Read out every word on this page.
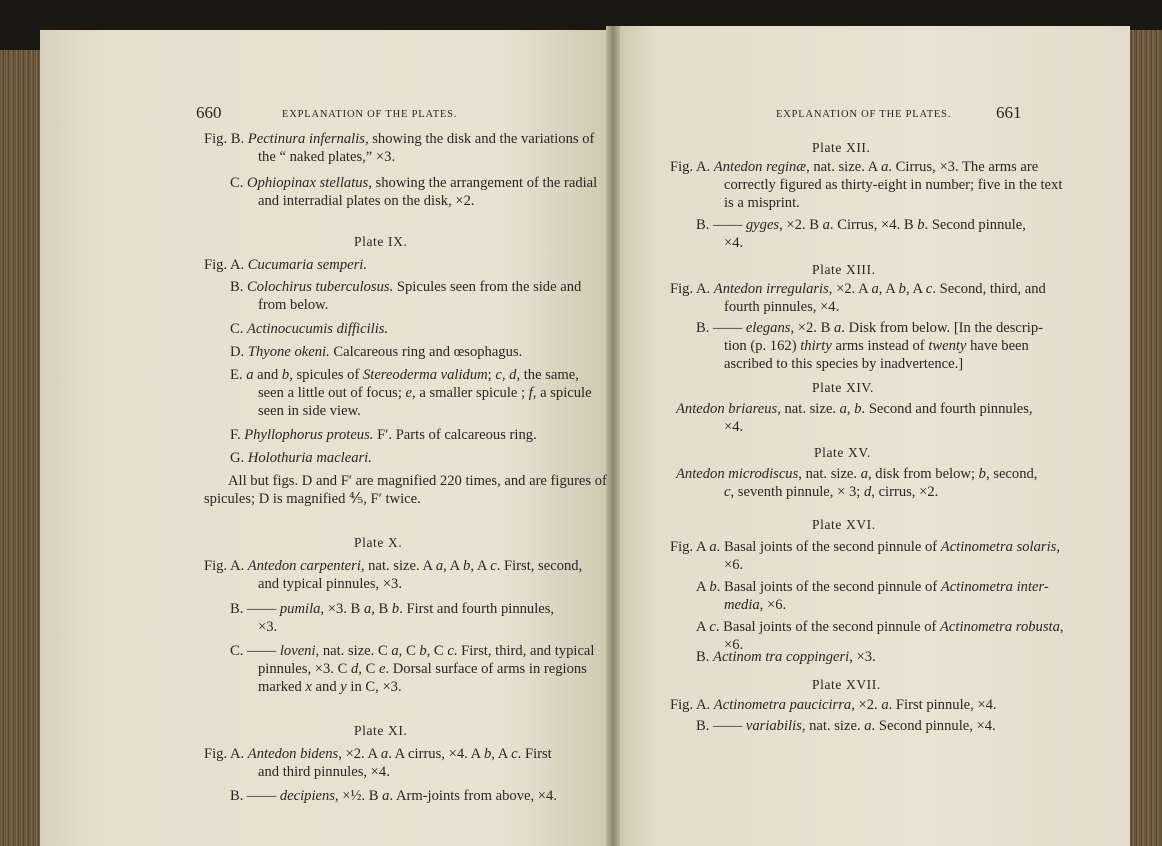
660	EXPLANATION OF THE PLATES.
Fig. B. Pectinura infernalis, showing the disk and the variations of
the “ naked plates,” ×3.
C. Ophiopinax stellatus, showing the arrangement of the radial
and interradial plates on the disk, ×2.
Plate IX.
Fig. A. Cucumaria semperi.
B. Colochirus tuberculosus. Spicules seen from the side and
from below.
C. Actinocucumis difficilis.
D. Thyone okeni. Calcareous ring and œsophagus.
E. a and b, spicules of Stereoderma validum; c, d, the same,
seen a little out of focus; e, a smaller spicule ; f, a spicule
seen in side view.
F. Phyllophorus proteus. F′. Parts of calcareous ring.
G. Holothuria macleari.
All but figs. D and F′ are magnified 220 times, and are figures of
spicules; D is magnified ⅘, F′ twice.
Plate X.
Fig. A. Antedon carpenteri, nat. size. A a, A b, A c. First, second,
and typical pinnules, ×3.
B. —— pumila, ×3. B a, B b. First and fourth pinnules,
×3.
C. —— loveni, nat. size. C a, C b, C c. First, third, and typical
pinnules, ×3. C d, C e. Dorsal surface of arms in regions
marked x and y in C, ×3.
Plate XI.
Fig. A. Antedon bidens, ×2. A a. A cirrus, ×4. A b, A c. First
and third pinnules, ×4.
B. —— decipiens, ×½. B a. Arm-joints from above, ×4.
EXPLANATION OF THE PLATES.	661
Plate XII.
Fig. A. Antedon reginæ, nat. size. A a. Cirrus, ×3. The arms are
correctly figured as thirty-eight in number; five in the text
is a misprint.
B. —— gyges, ×2. B a. Cirrus, ×4. B b. Second pinnule,
×4.
Plate XIII.
Fig. A. Antedon irregularis, ×2. A a, A b, A c. Second, third, and
fourth pinnules, ×4.
B. —— elegans, ×2. B a. Disk from below. [In the descrip-
tion (p. 162) thirty arms instead of twenty have been
ascribed to this species by inadvertence.]
Plate XIV.
Antedon briareus, nat. size. a, b. Second and fourth pinnules,
×4.
Plate XV.
Antedon microdiscus, nat. size. a, disk from below; b, second,
c, seventh pinnule, × 3; d, cirrus, ×2.
Plate XVI.
Fig. A a. Basal joints of the second pinnule of Actinometra solaris,
×6.
A b. Basal joints of the second pinnule of Actinometra inter-
media, ×6.
A c. Basal joints of the second pinnule of Actinometra robusta,
×6.
B. Actinom tra coppingeri, ×3.
Plate XVII.
Fig. A. Actinometra paucicirra, ×2. a. First pinnule, ×4.
B. —— variabilis, nat. size. a. Second pinnule, ×4.
